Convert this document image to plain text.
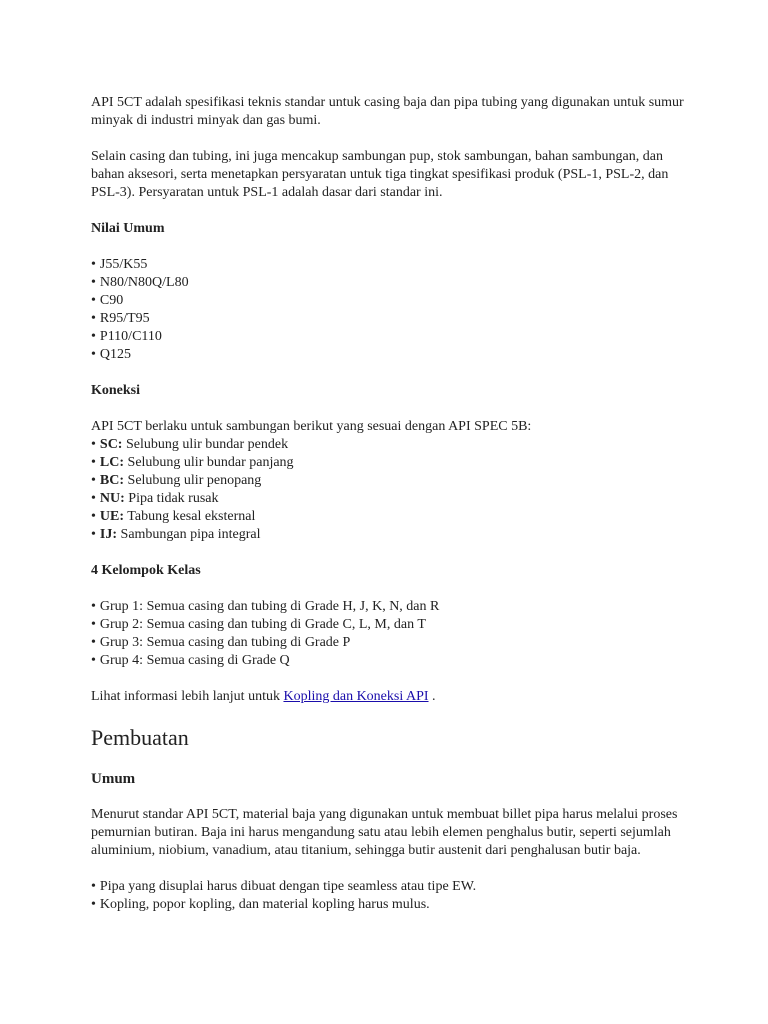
API 5CT adalah spesifikasi teknis standar untuk casing baja dan pipa tubing yang digunakan untuk sumur minyak di industri minyak dan gas bumi.

Selain casing dan tubing, ini juga mencakup sambungan pup, stok sambungan, bahan sambungan, dan bahan aksesori, serta menetapkan persyaratan untuk tiga tingkat spesifikasi produk (PSL-1, PSL-2, dan PSL-3). Persyaratan untuk PSL-1 adalah dasar dari standar ini.

Nilai Umum
• J55/K55
• N80/N80Q/L80
• C90
• R95/T95
• P110/C110
• Q125
Koneksi
API 5CT berlaku untuk sambungan berikut yang sesuai dengan API SPEC 5B:
• SC: Selubung ulir bundar pendek
• LC: Selubung ulir bundar panjang
• BC: Selubung ulir penopang
• NU: Pipa tidak rusak
• UE: Tabung kesal eksternal
• IJ: Sambungan pipa integral
4 Kelompok Kelas
• Grup 1: Semua casing dan tubing di Grade H, J, K, N, dan R
• Grup 2: Semua casing dan tubing di Grade C, L, M, dan T
• Grup 3: Semua casing dan tubing di Grade P
• Grup 4: Semua casing di Grade Q

Lihat informasi lebih lanjut untuk Kopling dan Koneksi API .

Pembuatan
Umum

Menurut standar API 5CT, material baja yang digunakan untuk membuat billet pipa harus melalui proses pemurnian butiran. Baja ini harus mengandung satu atau lebih elemen penghalus butir, seperti sejumlah aluminium, niobium, vanadium, atau titanium, sehingga butir austenit dari penghalusan butir baja.

• Pipa yang disuplai harus dibuat dengan tipe seamless atau tipe EW.
• Kopling, popor kopling, dan material kopling harus mulus.
